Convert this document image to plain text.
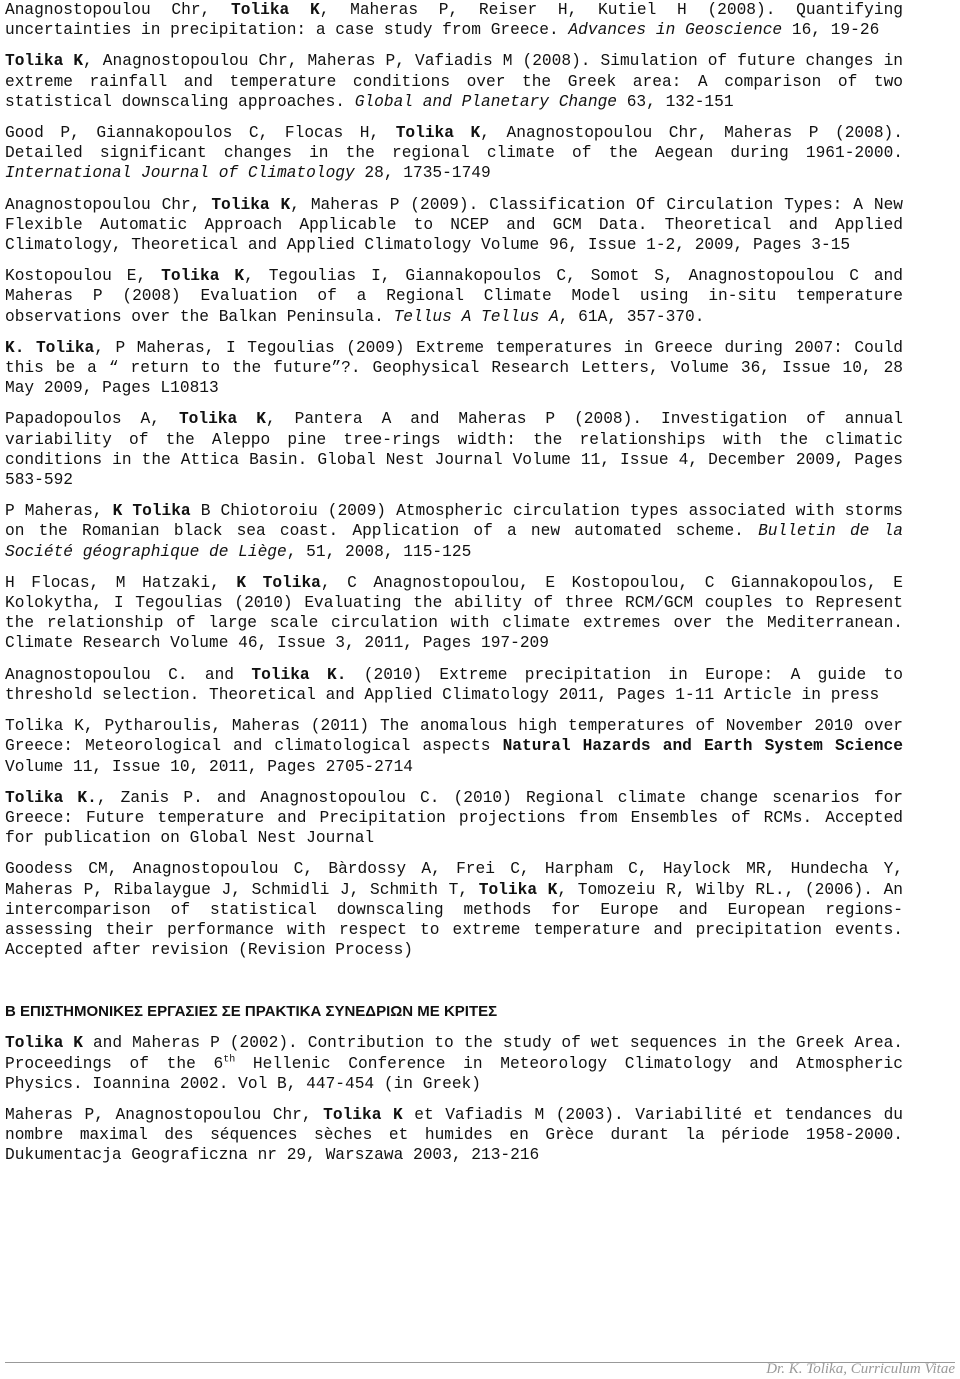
Anagnostopoulou Chr, Tolika K, Maheras P, Reiser H, Kutiel H (2008). Quantifying uncertainties in precipitation: a case study from Greece. Advances in Geoscience 16, 19-26

Tolika K, Anagnostopoulou Chr, Maheras P, Vafiadis M (2008). Simulation of future changes in extreme rainfall and temperature conditions over the Greek area: A comparison of two statistical downscaling approaches. Global and Planetary Change 63, 132-151

Good P, Giannakopoulos C, Flocas H, Tolika K, Anagnostopoulou Chr, Maheras P (2008). Detailed significant changes in the regional climate of the Aegean during 1961-2000. International Journal of Climatology 28, 1735-1749

Anagnostopoulou Chr, Tolika K, Maheras P (2009). Classification Of Circulation Types: A New Flexible Automatic Approach Applicable to NCEP and GCM Data. Theoretical and Applied Climatology, Theoretical and Applied Climatology Volume 96, Issue 1-2, 2009, Pages 3-15

Kostopoulou E, Tolika K, Tegoulias I, Giannakopoulos C, Somot S, Anagnostopoulou C and Maheras P (2008) Evaluation of a Regional Climate Model using in-situ temperature observations over the Balkan Peninsula. Tellus A Tellus A, 61A, 357-370.

K. Tolika, P Maheras, I Tegoulias (2009) Extreme temperatures in Greece during 2007: Could this be a “ return to the future”?. Geophysical Research Letters, Volume 36, Issue 10, 28 May 2009, Pages L10813

Papadopoulos A, Tolika K, Pantera A and Maheras P (2008). Investigation of annual variability of the Aleppo pine tree-rings width: the relationships with the climatic conditions in the Attica Basin. Global Nest Journal Volume 11, Issue 4, December 2009, Pages 583-592

P Maheras, K Tolika B Chiotoroiu (2009) Atmospheric circulation types associated with storms on the Romanian black sea coast. Application of a new automated scheme. Bulletin de la Société géographique de Liège, 51, 2008, 115-125

H Flocas, M Hatzaki, K Tolika, C Anagnostopoulou, E Kostopoulou, C Giannakopoulos, E Kolokytha, I Tegoulias (2010) Evaluating the ability of three RCM/GCM couples to Represent the relationship of large scale circulation with climate extremes over the Mediterranean. Climate Research Volume 46, Issue 3, 2011, Pages 197-209

Anagnostopoulou C. and Tolika K. (2010) Extreme precipitation in Europe: A guide to threshold selection. Theoretical and Applied Climatology 2011, Pages 1-11 Article in press

Tolika K, Pytharoulis, Maheras (2011) The anomalous high temperatures of November 2010 over Greece: Meteorological and climatological aspects Natural Hazards and Earth System Science Volume 11, Issue 10, 2011, Pages 2705-2714

Tolika K., Zanis P. and Anagnostopoulou C. (2010) Regional climate change scenarios for Greece: Future temperature and Precipitation projections from Ensembles of RCMs. Accepted for publication on Global Nest Journal

Goodess CM, Anagnostopoulou C, Bàrdossy A, Frei C, Harpham C, Haylock MR, Hundecha Y, Maheras P, Ribalaygue J, Schmidli J, Schmith T, Tolika K, Tomozeiu R, Wilby RL., (2006). An intercomparison of statistical downscaling methods for Europe and European regions- assessing their performance with respect to extreme temperature and precipitation events. Accepted after revision (Revision Process)

Β ΕΠΙΣΤΗΜΟΝΙΚΕΣ ΕΡΓΑΣΙΕΣ ΣΕ ΠΡΑΚΤΙΚΑ ΣΥΝΕΔΡΙΩΝ ΜΕ ΚΡΙΤΕΣ

Tolika K and Maheras P (2002). Contribution to the study of wet sequences in the Greek Area. Proceedings of the 6th Hellenic Conference in Meteorology Climatology and Atmospheric Physics. Ioannina 2002. Vol B, 447-454 (in Greek)

Maheras P, Anagnostopoulou Chr, Tolika K et Vafiadis M (2003). Variabilité et tendances du nombre maximal des séquences sèches et humides en Grèce durant la période 1958-2000. Dukumentacja Geograficzna nr 29, Warszawa 2003, 213-216

Dr. K. Tolika, Curriculum Vitae
